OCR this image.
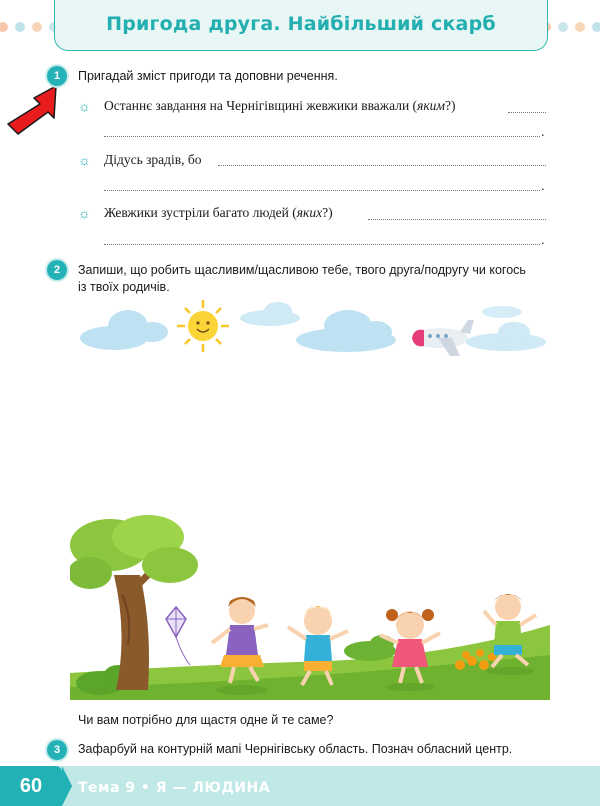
Пригода друга. Найбільший скарб
1	Пригадай зміст пригоди та доповни речення.
☼ Останнє завдання на Чернігівщині жевжики вважали (яким?)
.
☼ Дідусь зрадів, бо
.
☼ Жевжики зустріли багато людей (яких?)
.
2	Запиши, що робить щасливим/щасливою тебе, твого друга/подругу чи когось
із твоїх родичів.
Чи вам потрібно для щастя одне й те саме?
3	Зафарбуй на контурній мапі Чернігівську область. Познач обласний центр.
60	Тема 9 • Я — ЛЮДИНА
